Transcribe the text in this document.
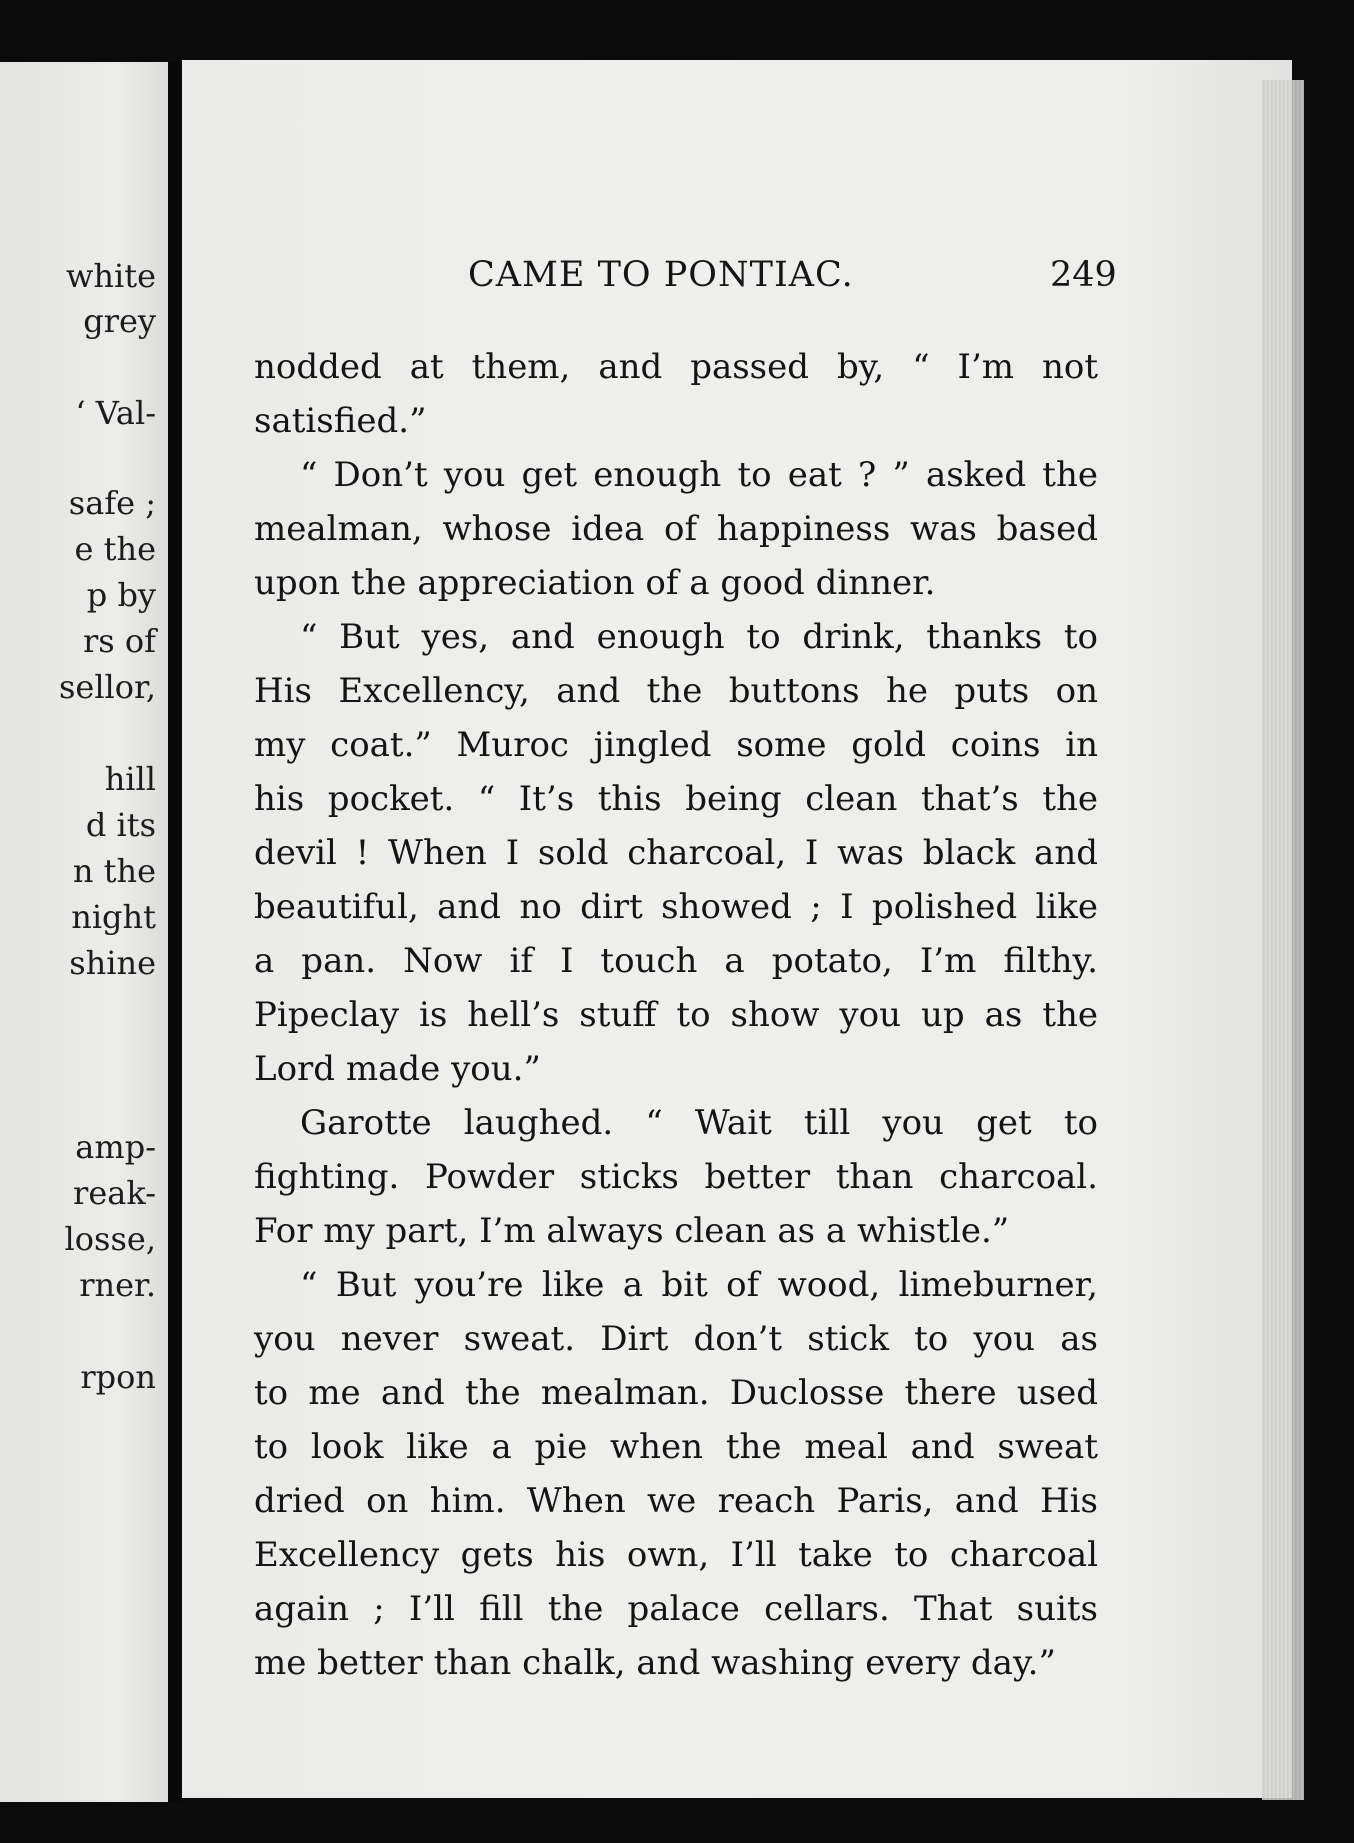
white
grey
‘ Val-
safe ;
e the
p by
rs of
sellor,
hill
d its
n the
night
shine
amp-
reak-
losse,
rner.
rpon
CAME TO PONTIAC.	249
nodded at them, and passed by, “ I’m not
satisfied.”
“ Don’t you get enough to eat ? ” asked the
mealman, whose idea of happiness was based
upon the appreciation of a good dinner.
“ But yes, and enough to drink, thanks to
His Excellency, and the buttons he puts on
my coat.” Muroc jingled some gold coins in
his pocket. “ It’s this being clean that’s the
devil ! When I sold charcoal, I was black and
beautiful, and no dirt showed ; I polished like
a pan. Now if I touch a potato, I’m filthy.
Pipeclay is hell’s stuff to show you up as the
Lord made you.”
Garotte laughed. “ Wait till you get to
fighting. Powder sticks better than charcoal.
For my part, I’m always clean as a whistle.”
“ But you’re like a bit of wood, limeburner,
you never sweat. Dirt don’t stick to you as
to me and the mealman. Duclosse there used
to look like a pie when the meal and sweat
dried on him. When we reach Paris, and His
Excellency gets his own, I’ll take to charcoal
again ; I’ll fill the palace cellars. That suits
me better than chalk, and washing every day.”
